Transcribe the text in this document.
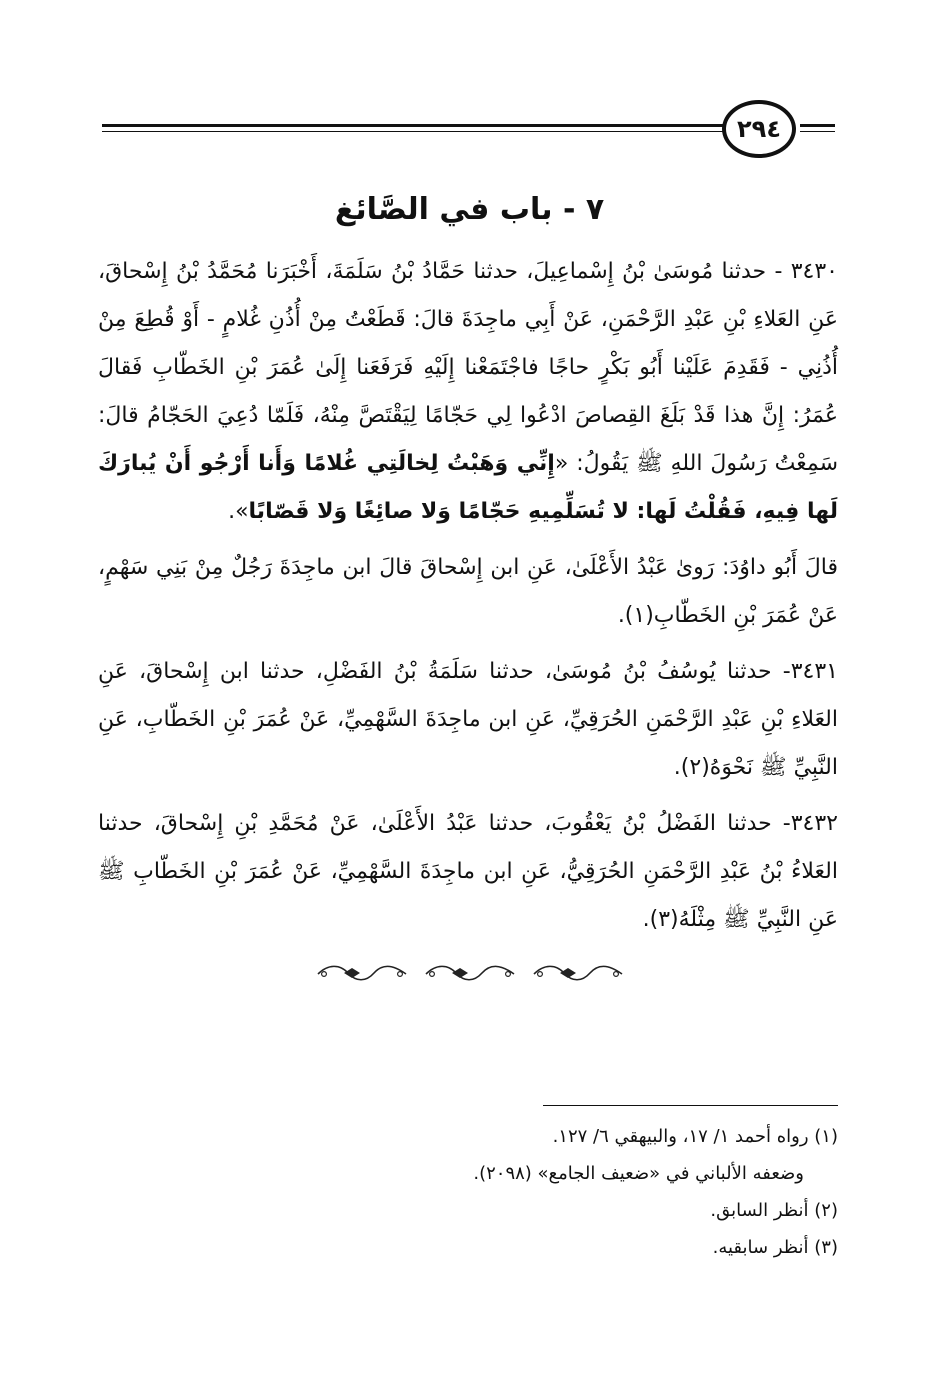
٢٩٤
٧ - باب في الصَّائغ

٣٤٣٠ - حدثنا مُوسَىٰ بْنُ إِسْماعِيلَ، حدثنا حَمَّادُ بْنُ سَلَمَةَ، أَخْبَرَنا مُحَمَّدُ بْنُ إِسْحاقَ، عَنِ العَلاءِ بْنِ عَبْدِ الرَّحْمَنِ، عَنْ أَبِي ماجِدَةَ قالَ: قَطَعْتُ مِنْ أُذُنِ غُلامٍ - أَوْ قُطِعَ مِنْ أُذُنِي - فَقَدِمَ عَلَيْنا أَبُو بَكْرٍ حاجًا فاجْتَمَعْنا إِلَيْهِ فَرَفَعَنا إِلَىٰ عُمَرَ بْنِ الخَطّابِ فَقالَ عُمَرُ: إِنَّ هذا قَدْ بَلَغَ القِصاصَ ادْعُوا لِي حَجّامًا لِيَقْتَصَّ مِنْهُ، فَلَمّا دُعِيَ الحَجّامُ قالَ: سَمِعْتُ رَسُولَ اللهِ ﷺ يَقُولُ: «إِنِّي وَهَبْتُ لِخالَتِي غُلامًا وَأَنا أَرْجُو أَنْ يُبارَكَ لَها فِيهِ، فَقُلْتُ لَها: لا تُسَلِّمِيهِ حَجّامًا وَلا صائِغًا وَلا قَصّابًا».

قالَ أَبُو داوُدَ: رَوىٰ عَبْدُ الأَعْلَىٰ، عَنِ ابن إِسْحاقَ قالَ ابن ماجِدَةَ رَجُلٌ مِنْ بَنِي سَهْمٍ، عَنْ عُمَرَ بْنِ الخَطّابِ(١).

٣٤٣١- حدثنا يُوسُفُ بْنُ مُوسَىٰ، حدثنا سَلَمَةُ بْنُ الفَضْلِ، حدثنا ابن إِسْحاقَ، عَنِ العَلاءِ بْنِ عَبْدِ الرَّحْمَنِ الحُرَقِيِّ، عَنِ ابن ماجِدَةَ السَّهْمِيِّ، عَنْ عُمَرَ بْنِ الخَطّابِ، عَنِ النَّبِيِّ ﷺ نَحْوَهُ(٢).

٣٤٣٢- حدثنا الفَضْلُ بْنُ يَعْقُوبَ، حدثنا عَبْدُ الأَعْلَىٰ، عَنْ مُحَمَّدِ بْنِ إِسْحاقَ، حدثنا العَلاءُ بْنُ عَبْدِ الرَّحْمَنِ الحُرَقِيُّ، عَنِ ابن ماجِدَةَ السَّهْمِيِّ، عَنْ عُمَرَ بْنِ الخَطّابِ ﷺ عَنِ النَّبِيِّ ﷺ مِثْلَهُ(٣).

(١) رواه أحمد ١/ ١٧، والبيهقي ٦/ ١٢٧.

وضعفه الألباني في «ضعيف الجامع» (٢٠٩٨).

(٢) أنظر السابق.

(٣) أنظر سابقيه.
